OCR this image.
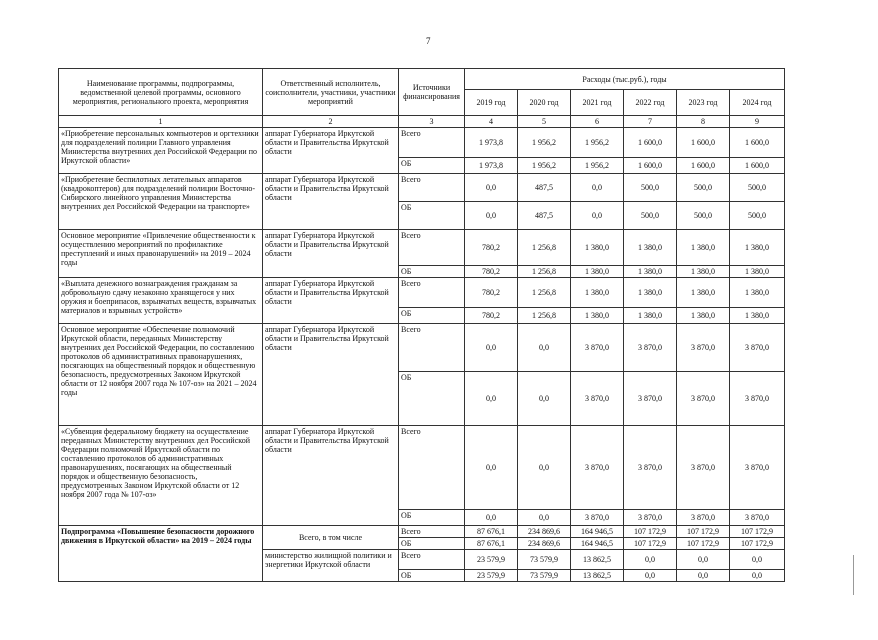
7
Наименование программы, подпрограммы, ведомственной целевой программы, основного мероприятия, регионального проекта, мероприятия	Ответственный исполнитель, соисполнители, участники, участники мероприятий	Источники финансирования	Расходы (тыс.руб.), годы					
			2019 год	2020 год	2021 год	2022 год	2023 год	2024 год
1	2	3	4	5	6	7	8	9
«Приобретение персональных компьютеров и оргтехники для подразделений полиции Главного управления Министерства внутренних дел Российской Федерации по Иркутской области»	аппарат Губернатора Иркутской области и Правительства Иркутской области	Всего	1 973,8	1 956,2	1 956,2	1 600,0	1 600,0	1 600,0
		ОБ	1 973,8	1 956,2	1 956,2	1 600,0	1 600,0	1 600,0
«Приобретение беспилотных летательных аппаратов (квадрокоптеров) для подразделений полиции Восточно-Сибирского линейного управления Министерства внутренних дел Российской Федерации на транспорте»	аппарат Губернатора Иркутской области и Правительства Иркутской области	Всего	0,0	487,5	0,0	500,0	500,0	500,0
		ОБ	0,0	487,5	0,0	500,0	500,0	500,0
Основное мероприятие «Привлечение общественности к осуществлению мероприятий по профилактике преступлений и иных правонарушений» на 2019 – 2024 годы	аппарат Губернатора Иркутской области и Правительства Иркутской области	Всего	780,2	1 256,8	1 380,0	1 380,0	1 380,0	1 380,0
		ОБ	780,2	1 256,8	1 380,0	1 380,0	1 380,0	1 380,0
«Выплата денежного вознаграждения гражданам за добровольную сдачу незаконно хранящегося у них оружия и боеприпасов, взрывчатых веществ, взрывчатых материалов и взрывных устройств»	аппарат Губернатора Иркутской области и Правительства Иркутской области	Всего	780,2	1 256,8	1 380,0	1 380,0	1 380,0	1 380,0
		ОБ	780,2	1 256,8	1 380,0	1 380,0	1 380,0	1 380,0
Основное мероприятие «Обеспечение полномочий Иркутской области, переданных Министерству внутренних дел Российской Федерации, по составлению протоколов об административных правонарушениях, посягающих на общественный порядок и общественную безопасность, предусмотренных Законом Иркутской области от 12 ноября 2007 года № 107-оз» на 2021 – 2024 годы	аппарат Губернатора Иркутской области и Правительства Иркутской области	Всего	0,0	0,0	3 870,0	3 870,0	3 870,0	3 870,0
		ОБ	0,0	0,0	3 870,0	3 870,0	3 870,0	3 870,0
«Субвенция федеральному бюджету на осуществление переданных Министерству внутренних дел Российской Федерации полномочий Иркутской области по составлению протоколов об административных правонарушениях, посягающих на общественный порядок и общественную безопасность, предусмотренных Законом Иркутской области от 12 ноября 2007 года № 107-оз»	аппарат Губернатора Иркутской области и Правительства Иркутской области	Всего	0,0	0,0	3 870,0	3 870,0	3 870,0	3 870,0
		ОБ	0,0	0,0	3 870,0	3 870,0	3 870,0	3 870,0
Подпрограмма «Повышение безопасности дорожного движения в Иркутской области» на 2019 – 2024 годы	Всего, в том числе	Всего	87 676,1	234 869,6	164 946,5	107 172,9	107 172,9	107 172,9
		ОБ	87 676,1	234 869,6	164 946,5	107 172,9	107 172,9	107 172,9
	министерство жилищной политики и энергетики Иркутской области	Всего	23 579,9	73 579,9	13 862,5	0,0	0,0	0,0
		ОБ	23 579,9	73 579,9	13 862,5	0,0	0,0	0,0
